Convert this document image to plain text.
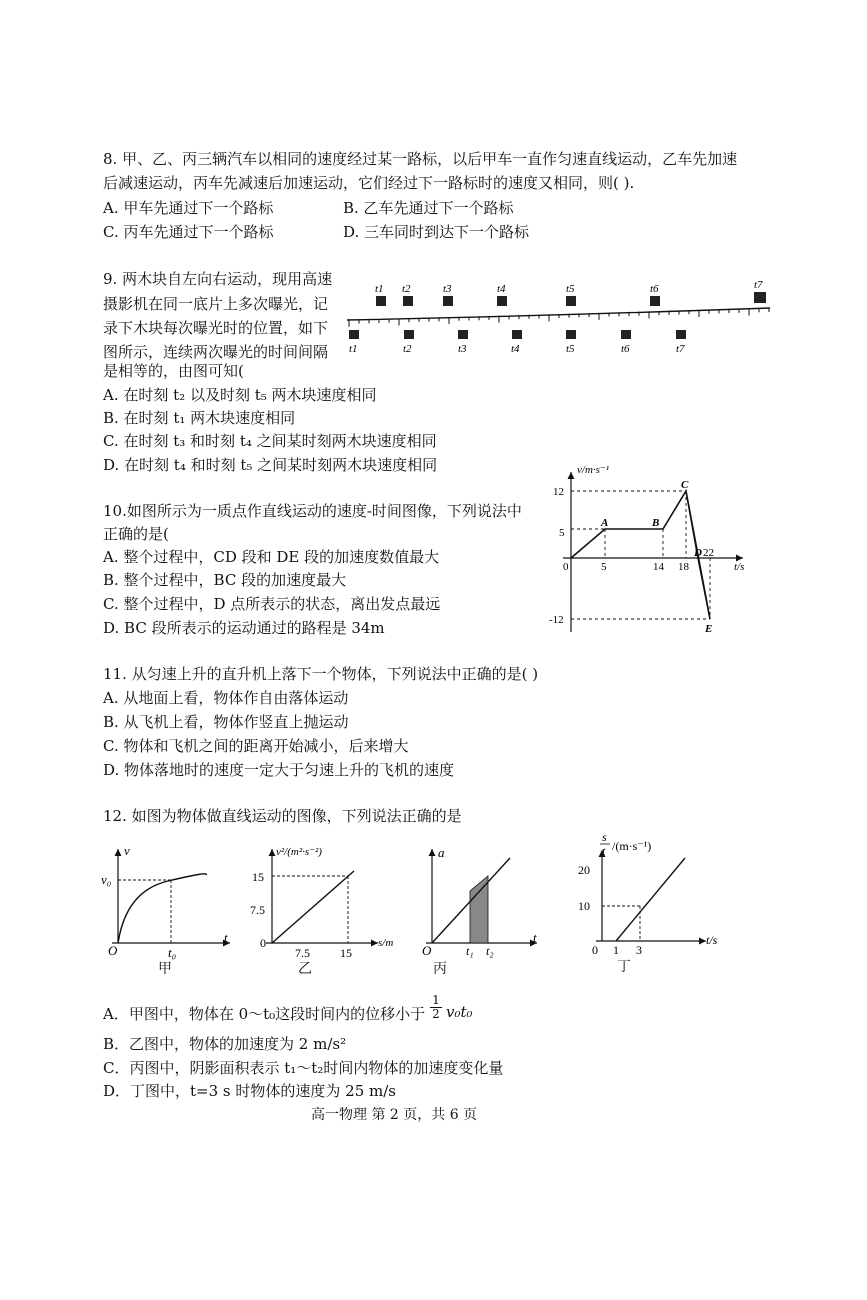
8. 甲、乙、丙三辆汽车以相同的速度经过某一路标，以后甲车一直作匀速直线运动，乙车先加速
后减速运动，丙车先减速后加速运动，它们经过下一路标时的速度又相同，则( ).
A. 甲车先通过下一个路标	B. 乙车先通过下一个路标
C. 丙车先通过下一个路标	D. 三车同时到达下一个路标
9. 两木块自左向右运动，现用高速
摄影机在同一底片上多次曝光，记
录下木块每次曝光时的位置，如下
图所示，连续两次曝光的时间间隔
是相等的，由图可知(
A. 在时刻 t₂ 以及时刻 t₅ 两木块速度相同
B. 在时刻 t₁ 两木块速度相同
C. 在时刻 t₃ 和时刻 t₄ 之间某时刻两木块速度相同
D. 在时刻 t₄ 和时刻 t₅ 之间某时刻两木块速度相同
t1 t2	t3	t4	t5	t6	t7
t1	t2	t3	t4	t5	t6	t7
10.如图所示为一质点作直线运动的速度-时间图像，下列说法中
正确的是(
A. 整个过程中，CD 段和 DE 段的加速度数值最大
B. 整个过程中，BC 段的加速度最大
C. 整个过程中，D 点所表示的状态，离出发点最远
D. BC 段所表示的运动通过的路程是 34m
v/m·s⁻¹
t/s
12
5
0
-12
5	14 18
22
A	B
C
D
E
11. 从匀速上升的直升机上落下一个物体，下列说法中正确的是( )
A. 从地面上看，物体作自由落体运动
B. 从飞机上看，物体作竖直上抛运动
C. 物体和飞机之间的距离开始减小，后来增大
D. 物体落地时的速度一定大于匀速上升的飞机的速度
12. 如图为物体做直线运动的图像，下列说法正确的是
v
t
v₀
t₀
O
甲
v²/(m²·s⁻²)
s/m
15
7.5
0
7.5	15
乙
a
t
O	t₁ t₂
丙
s
t /(m·s⁻¹)
t/s
20
10
0 1 3
丁
A．甲图中，物体在 0～t₀这段时间内的位移小于 $\frac{1}{2} v_0t_0$
B．乙图中，物体的加速度为 2 m/s²
C．丙图中，阴影面积表示 t₁～t₂时间内物体的加速度变化量
D．丁图中，t=3 s 时物体的速度为 25 m/s
高一物理 第 2 页，共 6 页
